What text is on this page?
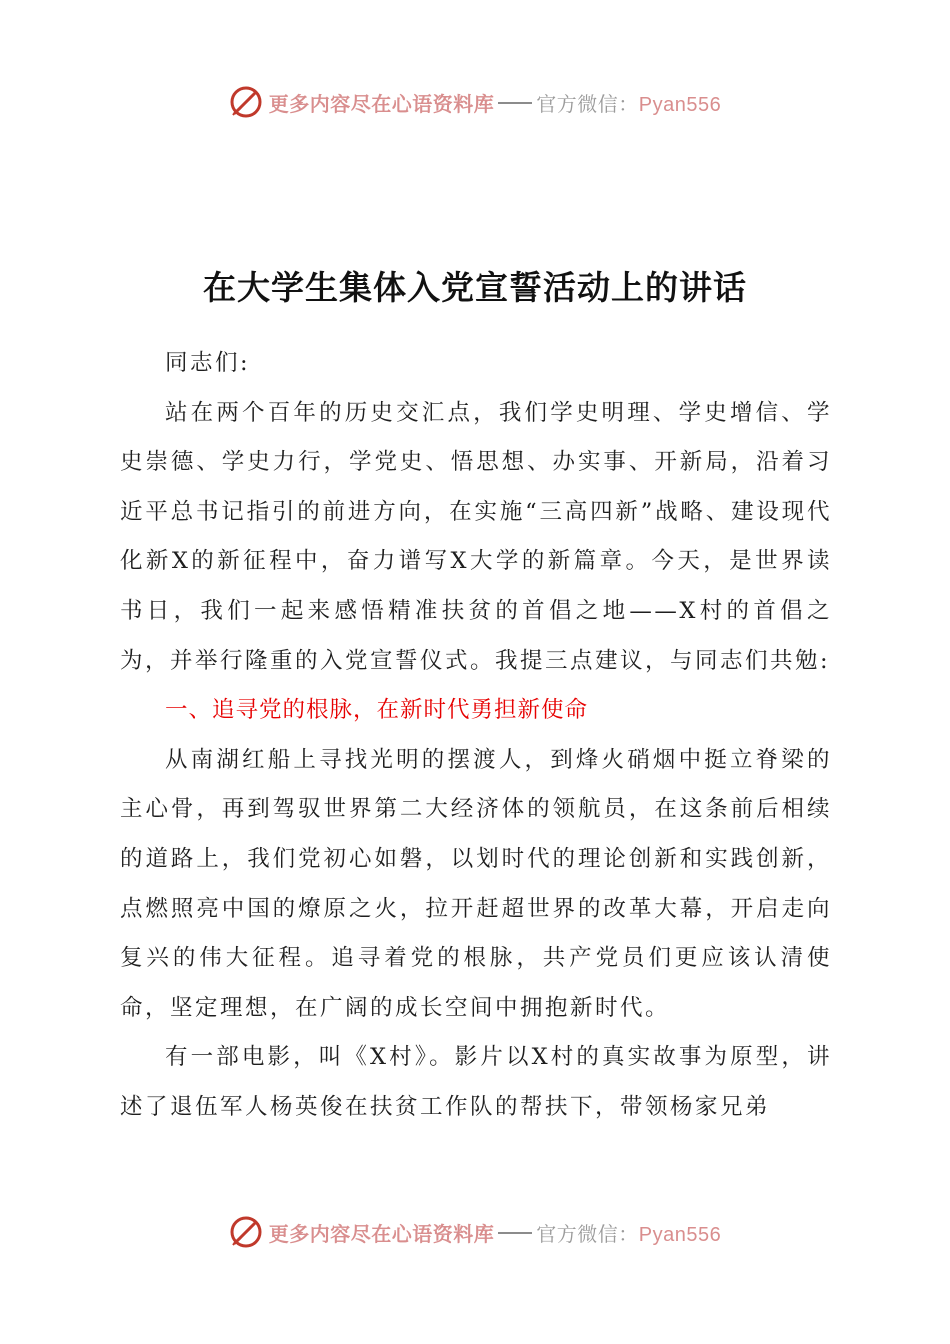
更多内容尽在心语资料库 官方微信：Pyan556
在大学生集体入党宣誓活动上的讲话

同志们:

站在两个百年的历史交汇点，我们学史明理、学史增信、学史崇德、学史力行，学党史、悟思想、办实事、开新局，沿着习近平总书记指引的前进方向，在实施“三高四新”战略、建设现代化新X的新征程中，奋力谱写X大学的新篇章。今天，是世界读书日，我们一起来感悟精准扶贫的首倡之地——X村的首倡之为，并举行隆重的入党宣誓仪式。我提三点建议，与同志们共勉:

一、追寻党的根脉，在新时代勇担新使命

从南湖红船上寻找光明的摆渡人，到烽火硝烟中挺立脊梁的主心骨，再到驾驭世界第二大经济体的领航员，在这条前后相续的道路上，我们党初心如磐，以划时代的理论创新和实践创新，点燃照亮中国的燎原之火，拉开赶超世界的改革大幕，开启走向复兴的伟大征程。追寻着党的根脉，共产党员们更应该认清使命，坚定理想，在广阔的成长空间中拥抱新时代。

有一部电影，叫《X村》。影片以X村的真实故事为原型，讲述了退伍军人杨英俊在扶贫工作队的帮扶下，带领杨家兄弟

更多内容尽在心语资料库 官方微信：Pyan556
